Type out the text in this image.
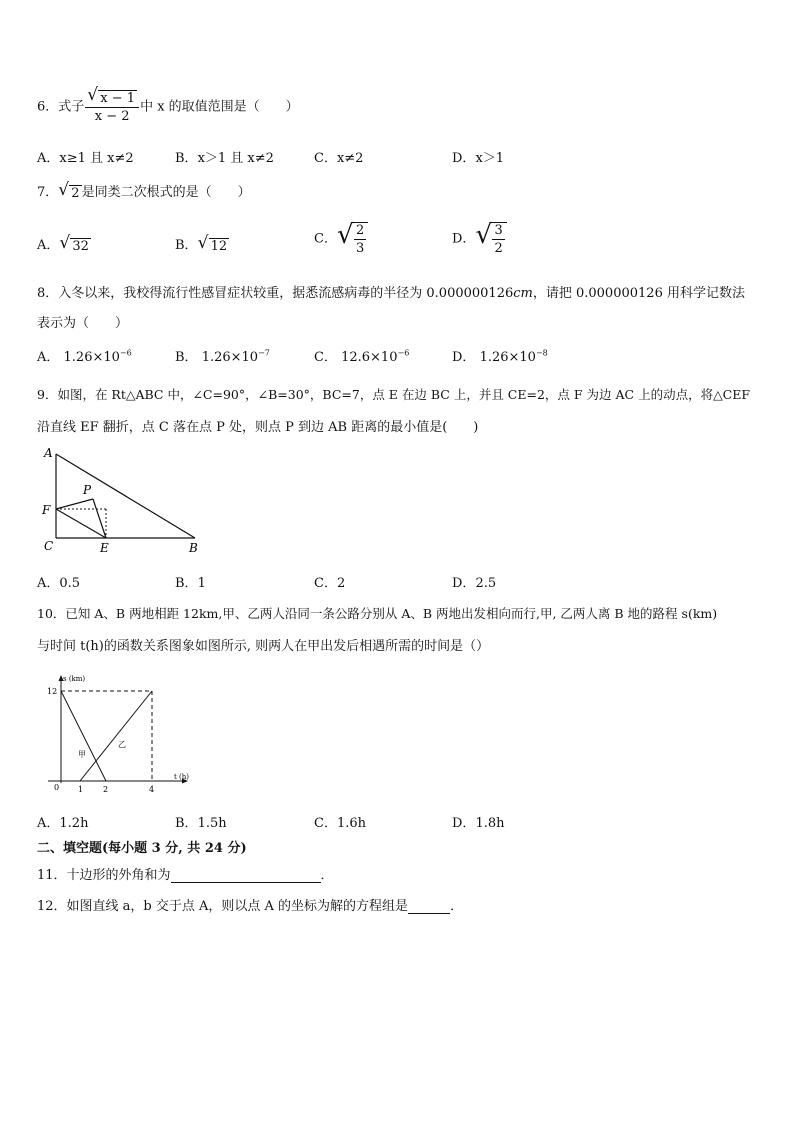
6．式子 $\frac{√ x - 1}{x - 2}$ 中 x 的取值范围是（　　）
A．x≥1 且 x≠2	B．x＞1 且 x≠2	C．x≠2	D．x＞1
7． √ 2 是同类二次根式的是（　　）
A． √ 32	B． √ 12	C． √ $\frac{2}{3}$	D． √ $\frac{3}{2}$
8．入冬以来，我校得流行性感冒症状较重，据悉流感病毒的半径为 0.000000126cm，请把 0.000000126 用科学记数法
表示为（　　）
A． $1.26\times 10^{-6}$	B． $1.26\times 10^{-7}$	C． $12.6\times 10^{-6}$	D． $1.26\times 10^{-8}$
9．如图，在 Rt△ABC 中，∠C=90°，∠B=30°，BC=7，点 E 在边 BC 上，并且 CE=2，点 F 为边 AC 上的动点，将△CEF
沿直线 EF 翻折，点 C 落在点 P 处，则点 P 到边 AB 距离的最小值是(　　)
A
F
P
C	E	B
A．0.5	B．1	C．2	D．2.5
10．已知 A、B 两地相距 12km,甲、乙两人沿同一条公路分别从 A、B 两地出发相向而行,甲, 乙两人离 B 地的路程 s(km)
与时间 t(h)的函数关系图象如图所示, 则两人在甲出发后相遇所需的时间是（）
s (km)
t (h)
12
0 1 2	4
甲
乙
A．1.2h	B．1.5h	C．1.6h	D．1.8h
二、填空题(每小题 3 分, 共 24 分)
11．十边形的外角和为	．
12．如图直线 a，b 交于点 A，则以点 A 的坐标为解的方程组是	．
